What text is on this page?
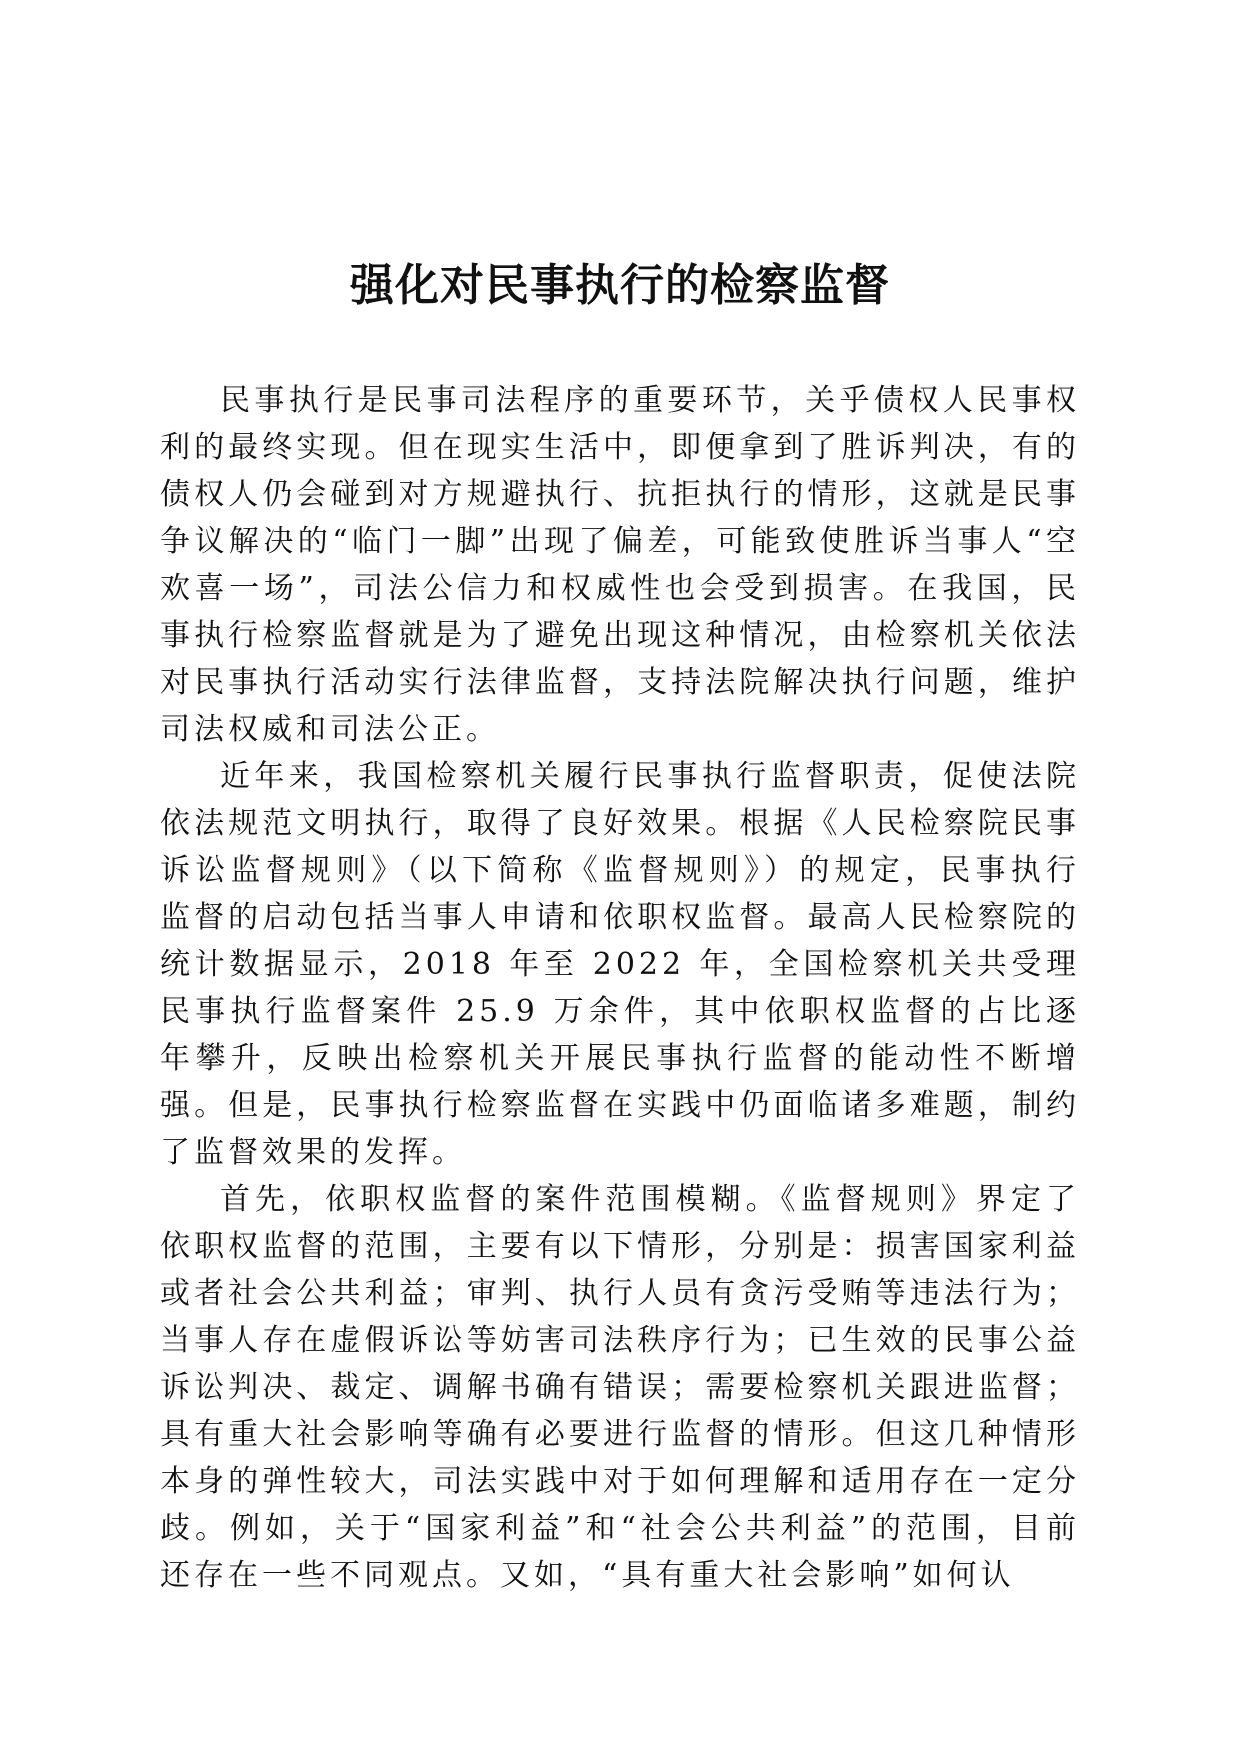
强化对民事执行的检察监督

民事执行是民事司法程序的重要环节，关乎债权人民事权利的最终实现。但在现实生活中，即便拿到了胜诉判决，有的债权人仍会碰到对方规避执行、抗拒执行的情形，这就是民事争议解决的“临门一脚”出现了偏差，可能致使胜诉当事人“空欢喜一场”，司法公信力和权威性也会受到损害。在我国，民事执行检察监督就是为了避免出现这种情况，由检察机关依法对民事执行活动实行法律监督，支持法院解决执行问题，维护司法权威和司法公正。

近年来，我国检察机关履行民事执行监督职责，促使法院依法规范文明执行，取得了良好效果。根据《人民检察院民事诉讼监督规则》（以下简称《监督规则》）的规定，民事执行监督的启动包括当事人申请和依职权监督。最高人民检察院的统计数据显示，2018 年至 2022 年，全国检察机关共受理民事执行监督案件 25.9 万余件，其中依职权监督的占比逐年攀升，反映出检察机关开展民事执行监督的能动性不断增强。但是，民事执行检察监督在实践中仍面临诸多难题，制约了监督效果的发挥。

首先，依职权监督的案件范围模糊。《监督规则》界定了依职权监督的范围，主要有以下情形，分别是：损害国家利益或者社会公共利益；审判、执行人员有贪污受贿等违法行为；当事人存在虚假诉讼等妨害司法秩序行为；已生效的民事公益诉讼判决、裁定、调解书确有错误；需要检察机关跟进监督；具有重大社会影响等确有必要进行监督的情形。但这几种情形本身的弹性较大，司法实践中对于如何理解和适用存在一定分歧。例如，关于“国家利益”和“社会公共利益”的范围，目前还存在一些不同观点。又如，“具有重大社会影响”如何认
